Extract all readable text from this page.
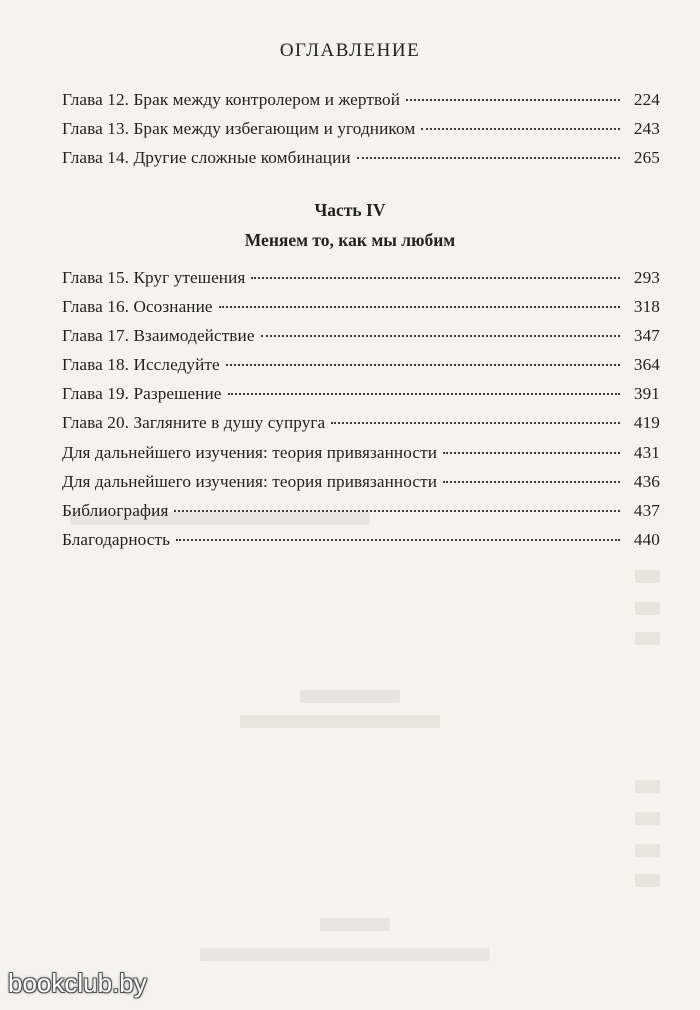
ОГЛАВЛЕНИЕ
Глава 12. Брак между контролером и жертвой	224
Глава 13. Брак между избегающим и угодником	243
Глава 14. Другие сложные комбинации	265
Часть IV
Меняем то, как мы любим
Глава 15. Круг утешения	293
Глава 16. Осознание	318
Глава 17. Взаимодействие	347
Глава 18. Исследуйте	364
Глава 19. Разрешение	391
Глава 20. Загляните в душу супруга	419
Для дальнейшего изучения: теория привязанности	431
Для дальнейшего изучения: теория привязанности	436
Библиография	437
Благодарность	440
bookclub.by
